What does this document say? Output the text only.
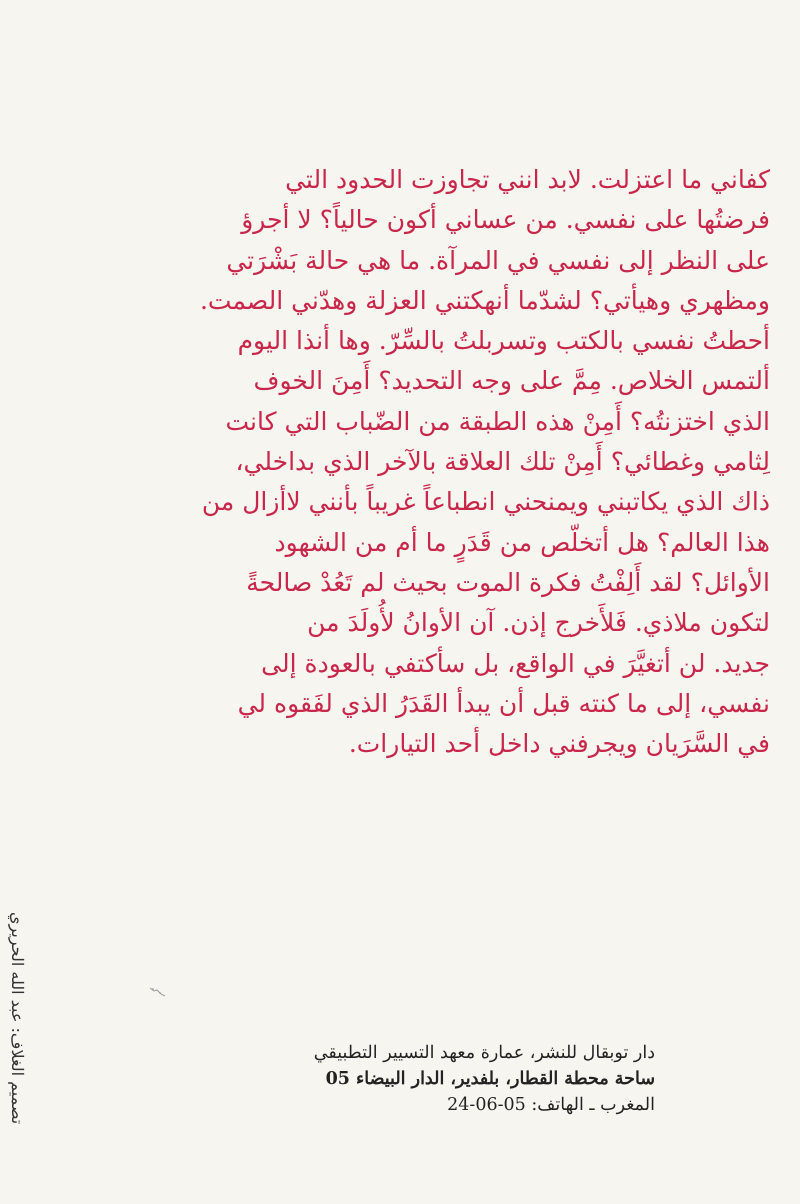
كفاني ما اعتزلت. لابد انني تجاوزت الحدود التي
فرضتُها على نفسي. من عساني أكون حالياً؟ لا أجرؤ
على النظر إلى نفسي في المرآة. ما هي حالة بَشْرَتي
ومظهري وهيأتي؟ لشدّما أنهكتني العزلة وهدّني الصمت.
أحطتُ نفسي بالكتب وتسربلتُ بالسِّرّ. وها أنذا اليوم
ألتمس الخلاص. مِمَّ على وجه التحديد؟ أَمِنَ الخوف
الذي اختزنتُه؟ أَمِنْ هذه الطبقة من الضّباب التي كانت
لِثامي وغطائي؟ أَمِنْ تلك العلاقة بالآخر الذي بداخلي،
ذاك الذي يكاتبني ويمنحني انطباعاً غريباً بأنني لاأزال من
هذا العالم؟ هل أتخلّص من قَدَرٍ ما أم من الشهود
الأوائل؟ لقد أَلِفْتُ فكرة الموت بحيث لم تَعُدْ صالحةً
لتكون ملاذي. فَلأَخرج إذن. آن الأوانُ لأُولَدَ من
جديد. لن أتغيَّرَ في الواقع، بل سأكتفي بالعودة إلى
نفسي، إلى ما كنته قبل أن يبدأ القَدَرُ الذي لفَقوه لي
في السَّرَيان ويجرفني داخل أحد التيارات.
تصميم الغلاف: عبد الله الحريري	دار توبقال للنشر، عمارة معهد التسيير التطبيقي
ساحة محطة القطار، بلفدير، الدار البيضاء 05
المغرب ـ الهاتف: 05-06-24
